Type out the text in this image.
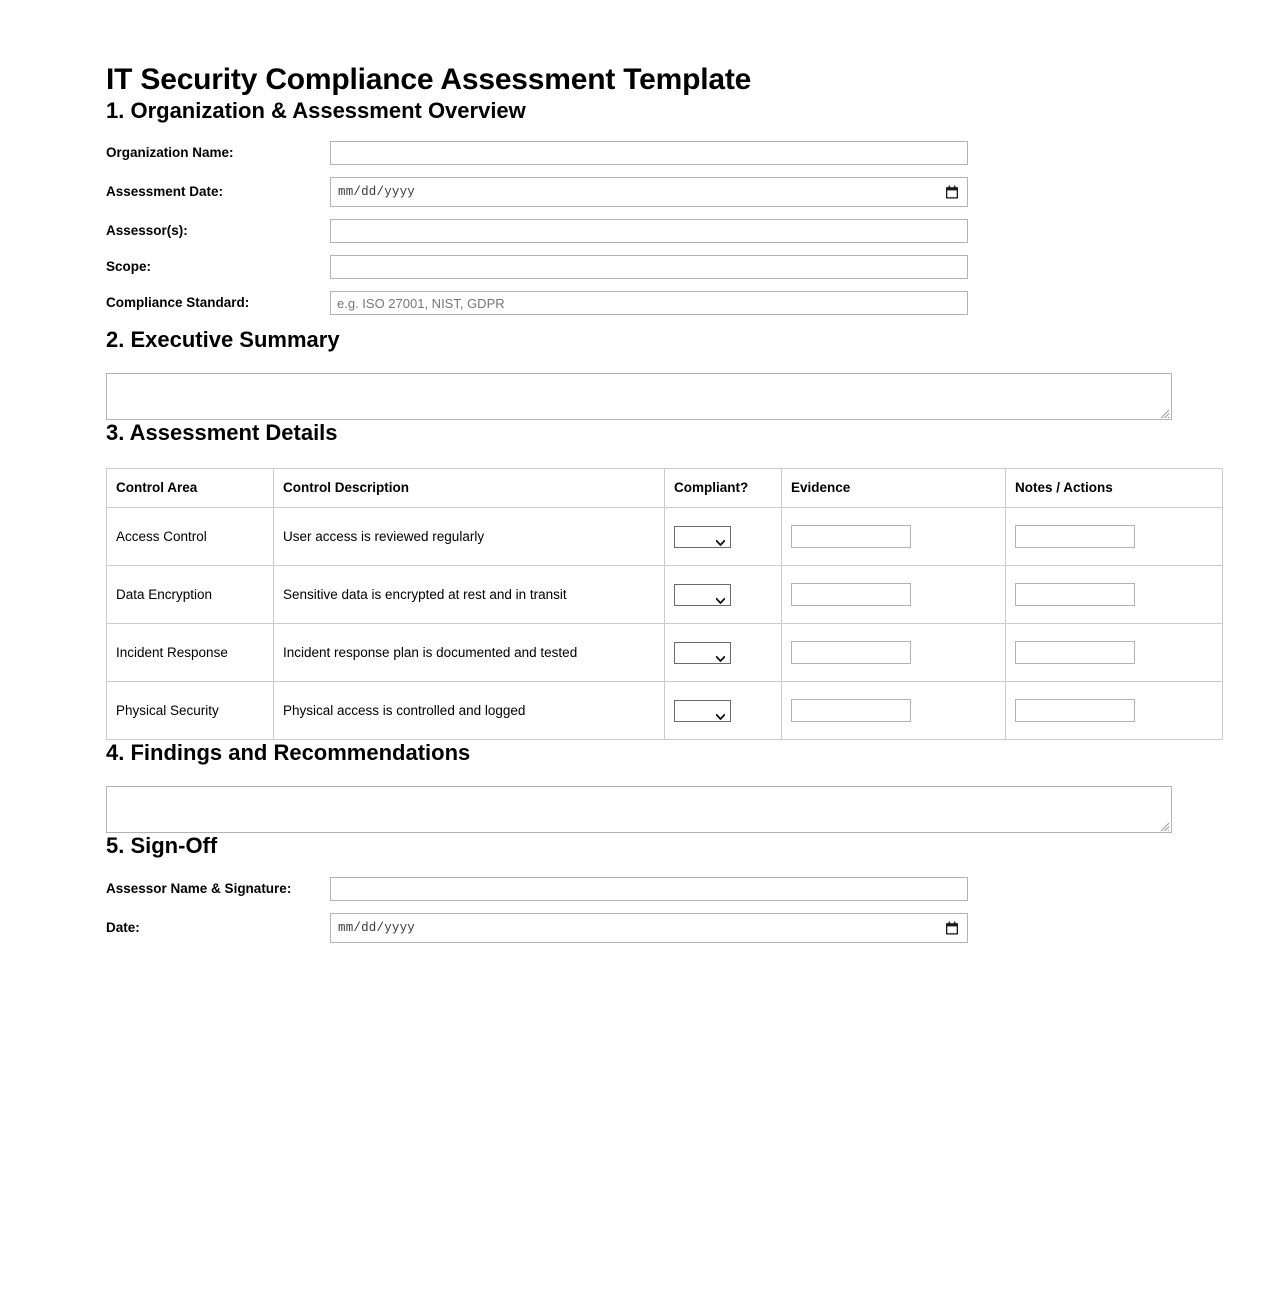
IT Security Compliance Assessment Template
1. Organization & Assessment Overview
Organization Name:
Assessment Date:	mm/dd/yyyy
Assessor(s):
Scope:
Compliance Standard:
e.g. ISO 27001, NIST, GDPR
2. Executive Summary
3. Assessment Details
Control Area	Control Description	Compliant?	Evidence	Notes / Actions
Access Control	User access is reviewed regularly	

Data Encryption	Sensitive data is encrypted at rest and in transit	

Incident Response	Incident response plan is documented and tested	

Physical Security	Physical access is controlled and logged	

4. Findings and Recommendations
5. Sign-Off
Assessor Name & Signature:
Date:	mm/dd/yyyy
